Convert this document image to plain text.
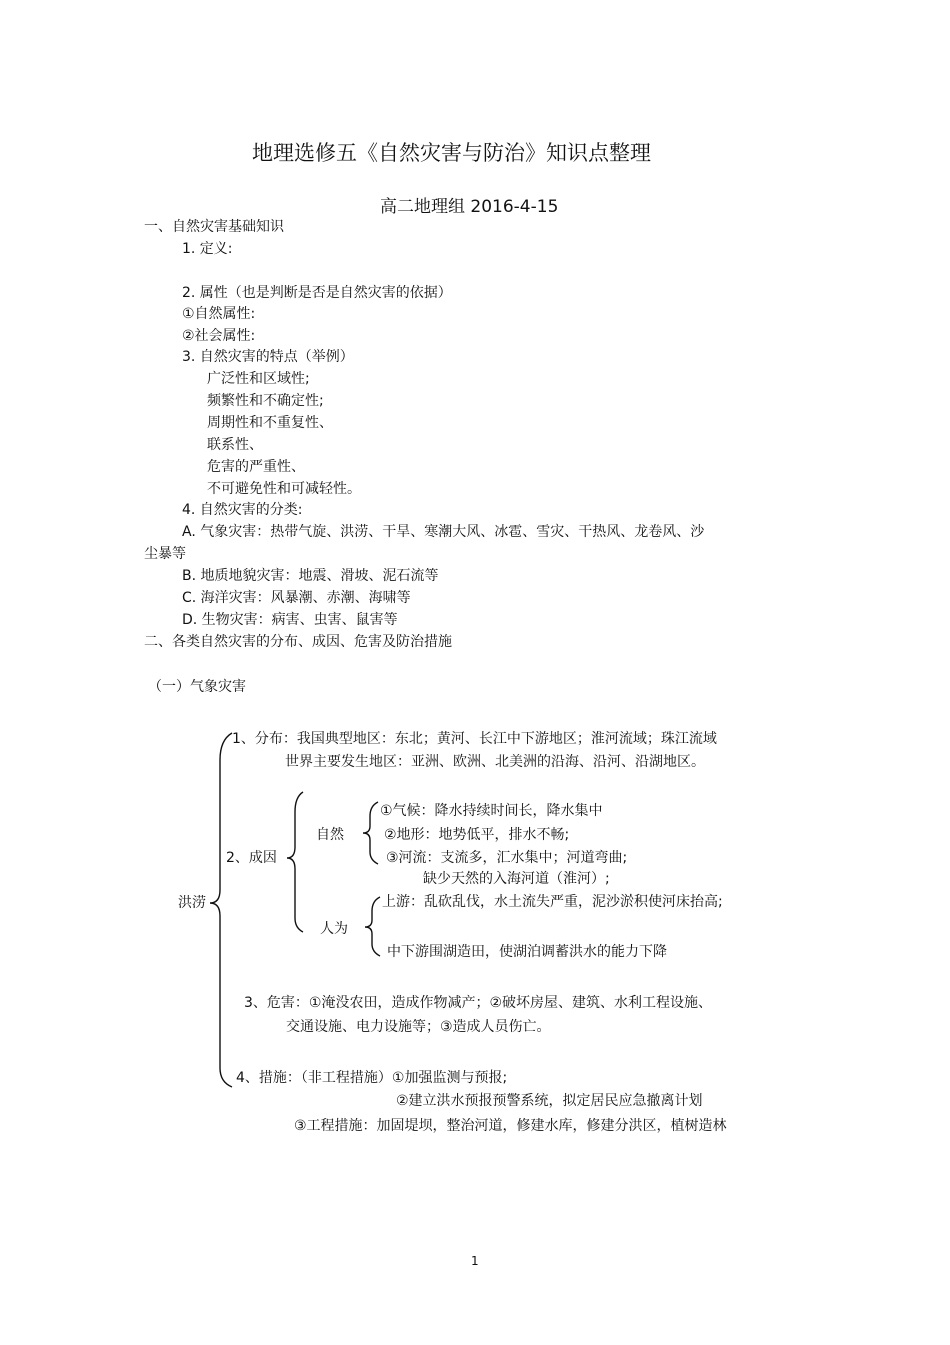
地理选修五《自然灾害与防治》知识点整理
高二地理组 2016-4-15
一、自然灾害基础知识
1. 定义:
2. 属性（也是判断是否是自然灾害的依据）
①自然属性:
②社会属性:
3. 自然灾害的特点（举例）
广泛性和区域性;
频繁性和不确定性;
周期性和不重复性、
联系性、
危害的严重性、
不可避免性和可减轻性。
4. 自然灾害的分类:
A. 气象灾害：热带气旋、洪涝、干旱、寒潮大风、冰雹、雪灾、干热风、龙卷风、沙
尘暴等
B. 地质地貌灾害：地震、滑坡、泥石流等
C. 海洋灾害：风暴潮、赤潮、海啸等
D. 生物灾害：病害、虫害、鼠害等
二、各类自然灾害的分布、成因、危害及防治措施
（一）气象灾害
洪涝
1、分布：我国典型地区：东北；黄河、长江中下游地区；淮河流域；珠江流域
世界主要发生地区：亚洲、欧洲、北美洲的沿海、沿河、沿湖地区。
2、成因
自然
①气候：降水持续时间长，降水集中
②地形：地势低平，排水不畅;
③河流：支流多，汇水集中；河道弯曲;
缺少天然的入海河道（淮河）;
人为
上游：乱砍乱伐，水土流失严重，泥沙淤积使河床抬高;
中下游围湖造田，使湖泊调蓄洪水的能力下降
3、危害：①淹没农田，造成作物减产；②破坏房屋、建筑、水利工程设施、
交通设施、电力设施等；③造成人员伤亡。
4、措施：（非工程措施）①加强监测与预报;
②建立洪水预报预警系统，拟定居民应急撤离计划
③工程措施：加固堤坝，整治河道，修建水库，修建分洪区，植树造林
1
